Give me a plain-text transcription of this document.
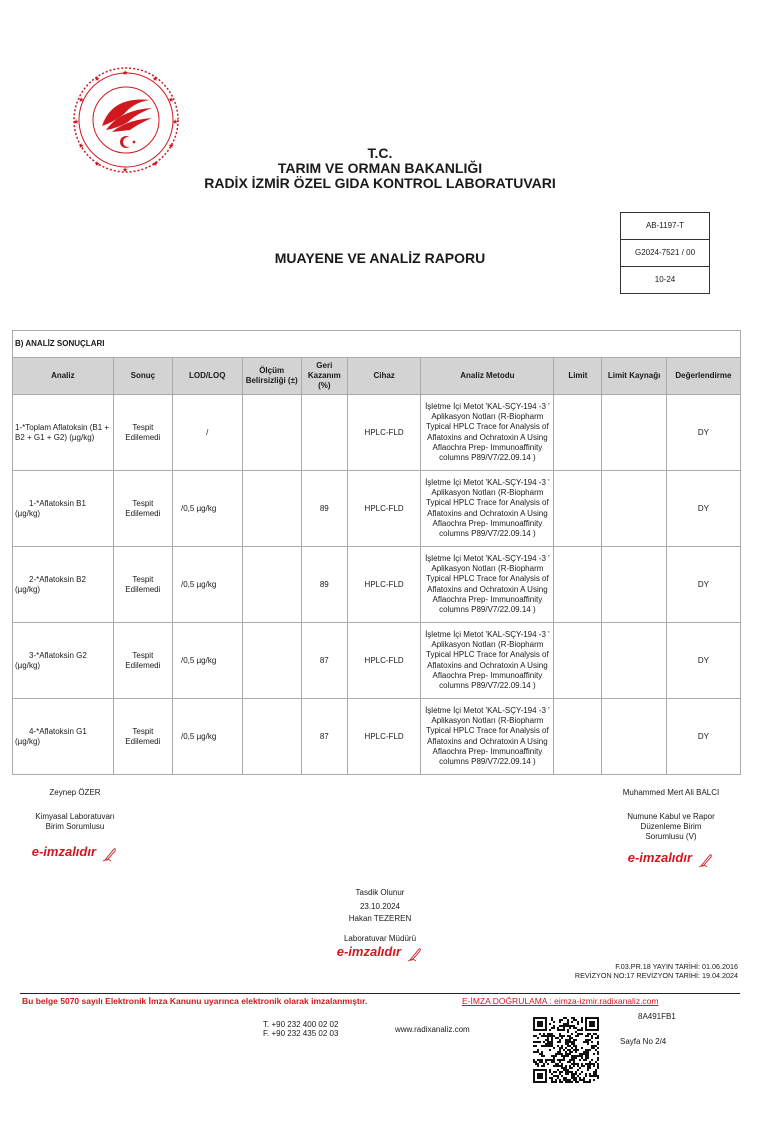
★
★
★
★	★
★	★
★	★
★
★
★
T.C.
TARIM VE ORMAN BAKANLIĞI
RADİX İZMİR ÖZEL GIDA KONTROL LABORATUVARI
MUAYENE VE ANALİZ RAPORU
AB-1197-T
G2024-7521 / 00
10-24
B) ANALİZ SONUÇLARI
Analiz	Sonuç	LOD/LOQ	Ölçüm Belirsizliği (±)	Geri Kazanım (%)	Cihaz	Analiz Metodu	Limit	Limit Kaynağı	Değerlendirme
1-*Toplam Aflatoksin (B1 + B2 + G1 + G2) (µg/kg)	Tespit Edilemedi	/			HPLC-FLD	İşletme İçi Metot 'KAL-SÇY-194 -3 ' Aplikasyon Notları (R-Biopharm Typical HPLC Trace for Analysis of Aflatoxins and Ochratoxin A Using Aflaochra Prep- Immunoaffinity columns P89/V7/22.09.14 )			DY

1-*Aflatoksin B1
(µg/kg)	Tespit Edilemedi	/0,5 µg/kg		89	HPLC-FLD	İşletme İçi Metot 'KAL-SÇY-194 -3 ' Aplikasyon Notları (R-Biopharm Typical HPLC Trace for Analysis of Aflatoxins and Ochratoxin A Using Aflaochra Prep- Immunoaffinity columns P89/V7/22.09.14 )			DY

2-*Aflatoksin B2
(µg/kg)	Tespit Edilemedi	/0,5 µg/kg		89	HPLC-FLD	İşletme İçi Metot 'KAL-SÇY-194 -3 ' Aplikasyon Notları (R-Biopharm Typical HPLC Trace for Analysis of Aflatoxins and Ochratoxin A Using Aflaochra Prep- Immunoaffinity columns P89/V7/22.09.14 )			DY

3-*Aflatoksin G2
(µg/kg)	Tespit Edilemedi	/0,5 µg/kg		87	HPLC-FLD	İşletme İçi Metot 'KAL-SÇY-194 -3 ' Aplikasyon Notları (R-Biopharm Typical HPLC Trace for Analysis of Aflatoxins and Ochratoxin A Using Aflaochra Prep- Immunoaffinity columns P89/V7/22.09.14 )			DY

4-*Aflatoksin G1
(µg/kg)	Tespit Edilemedi	/0,5 µg/kg		87	HPLC-FLD	İşletme İçi Metot 'KAL-SÇY-194 -3 ' Aplikasyon Notları (R-Biopharm Typical HPLC Trace for Analysis of Aflatoxins and Ochratoxin A Using Aflaochra Prep- Immunoaffinity columns P89/V7/22.09.14 )			DY
Zeynep ÖZER
Kimyasal Laboratuvarı Birim Sorumlusu
e-imzalıdır
Muhammed Mert Ali BALCI
Numune Kabul ve Rapor Düzenleme Birim Sorumlusu (V)
e-imzalıdır
Tasdik Olunur
23.10.2024
Hakan TEZEREN
Laboratuvar Müdürü
e-imzalıdır
F.03.PR.18 YAYIN TARİHİ: 01.06.2016
REVİZYON NO:17 REVİZYON TARİHİ: 19.04.2024
Bu belge 5070 sayılı Elektronik İmza Kanunu uyarınca elektronik olarak imzalanmıştır.	E-İMZA DOĞRULAMA : eimza-izmir.radixanaliz.com
T. +90 232 400 02 02
F. +90 232 435 02 03	www.radixanaliz.com
8A491FB1
Sayfa No 2/4
